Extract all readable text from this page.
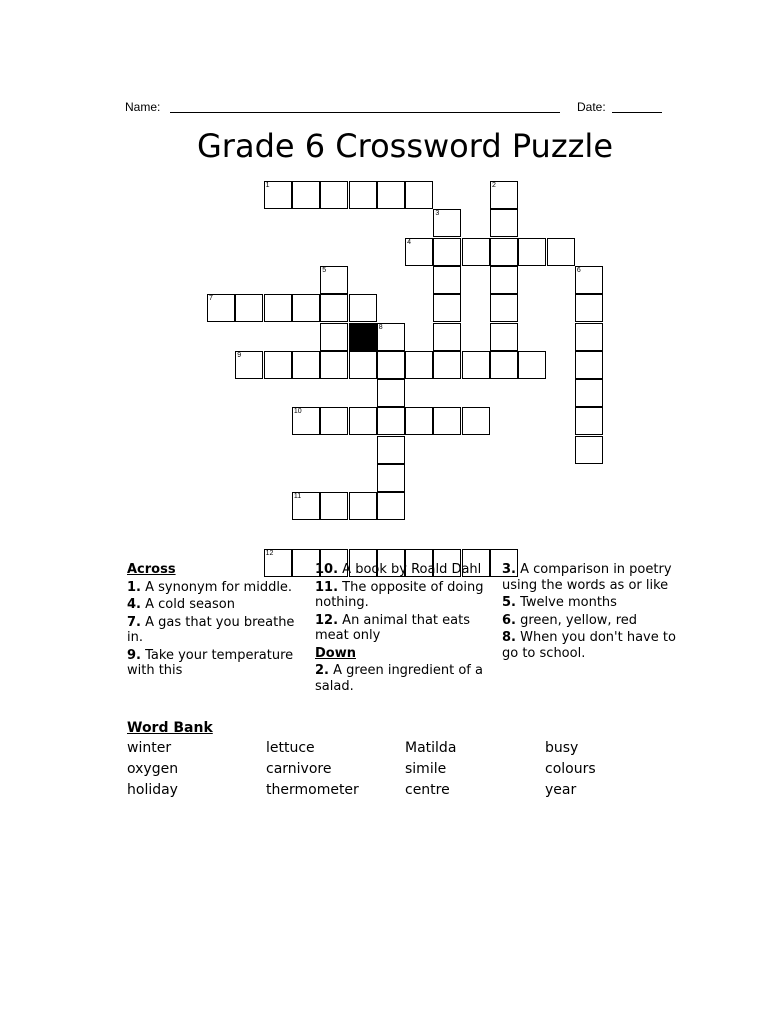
Name:	Date:
Grade 6 Crossword Puzzle
1	2
3
4
5	6
7
8
9
10
11
12
Across
1. A synonym for middle.
4. A cold season
7. A gas that you breathe in.
9. Take your temperature with this
10. A book by Roald Dahl
11. The opposite of doing nothing.
12. An animal that eats meat only
Down
2. A green ingredient of a salad.
3. A comparison in poetry using the words as or like
5. Twelve months
6. green, yellow, red
8. When you don't have to go to school.
Word Bank
winter	lettuce	Matilda	busy
oxygen	carnivore	simile	colours
holiday	thermometer	centre	year
